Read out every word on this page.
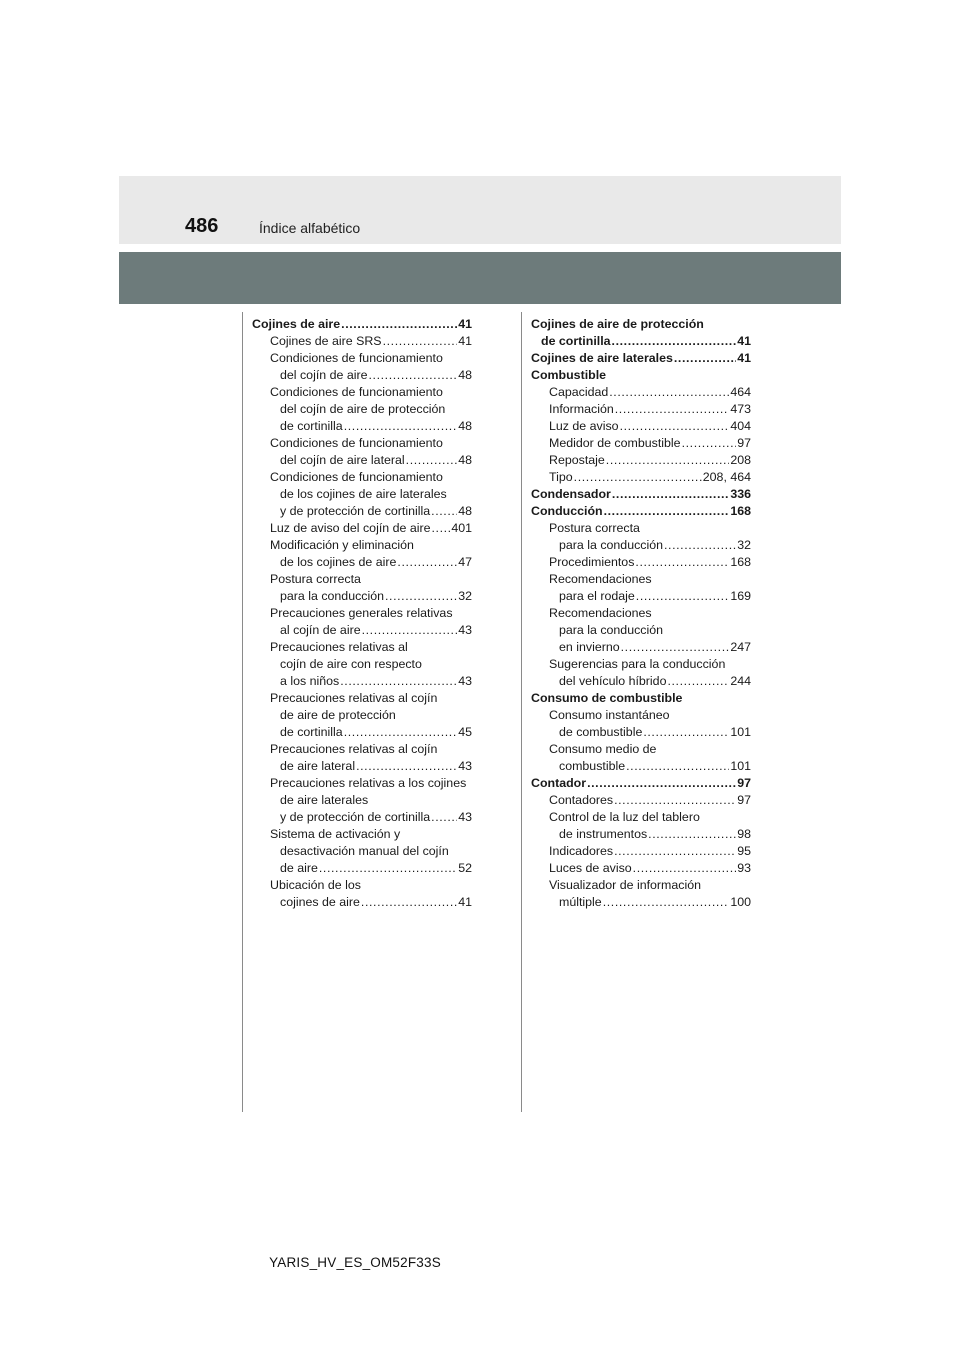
486	Índice alfabético
Cojines de aire .....	41
Cojines de aire SRS .....	41
Condiciones de funcionamiento
del cojín de aire .....	48
Condiciones de funcionamiento
del cojín de aire de protección
de cortinilla .....	48
Condiciones de funcionamiento
del cojín de aire lateral .....	48
Condiciones de funcionamiento
de los cojines de aire laterales
y de protección de cortinilla ..... 48
Luz de aviso del cojín de aire ..... 401
Modificación y eliminación
de los cojines de aire .....	47
Postura correcta
para la conducción .....	32
Precauciones generales relativas
al cojín de aire .....	43
Precauciones relativas al
cojín de aire con respecto
a los niños .....	43
Precauciones relativas al cojín
de aire de protección
de cortinilla .....	45
Precauciones relativas al cojín
de aire lateral .....	43
Precauciones relativas a los cojines
de aire laterales
y de protección de cortinilla ..... 43
Sistema de activación y
desactivación manual del cojín
de aire .....	52
Ubicación de los
cojines de aire .....	41
Cojines de aire de protección
de cortinilla .....	41
Cojines de aire laterales .....	41
Combustible
Capacidad .....	464
Información .....	473
Luz de aviso .....	404
Medidor de combustible .....	97
Repostaje .....	208
Tipo .....	208, 464
Condensador .....	336
Conducción .....	168
Postura correcta
para la conducción .....	32
Procedimientos .....	168
Recomendaciones
para el rodaje .....	169
Recomendaciones
para la conducción
en invierno .....	247
Sugerencias para la conducción
del vehículo híbrido .....	244
Consumo de combustible
Consumo instantáneo
de combustible .....	101
Consumo medio de
combustible .....	101
Contador .....	97
Contadores .....	97
Control de la luz del tablero
de instrumentos .....	98
Indicadores .....	95
Luces de aviso .....	93
Visualizador de información
múltiple .....	100
YARIS_HV_ES_OM52F33S
